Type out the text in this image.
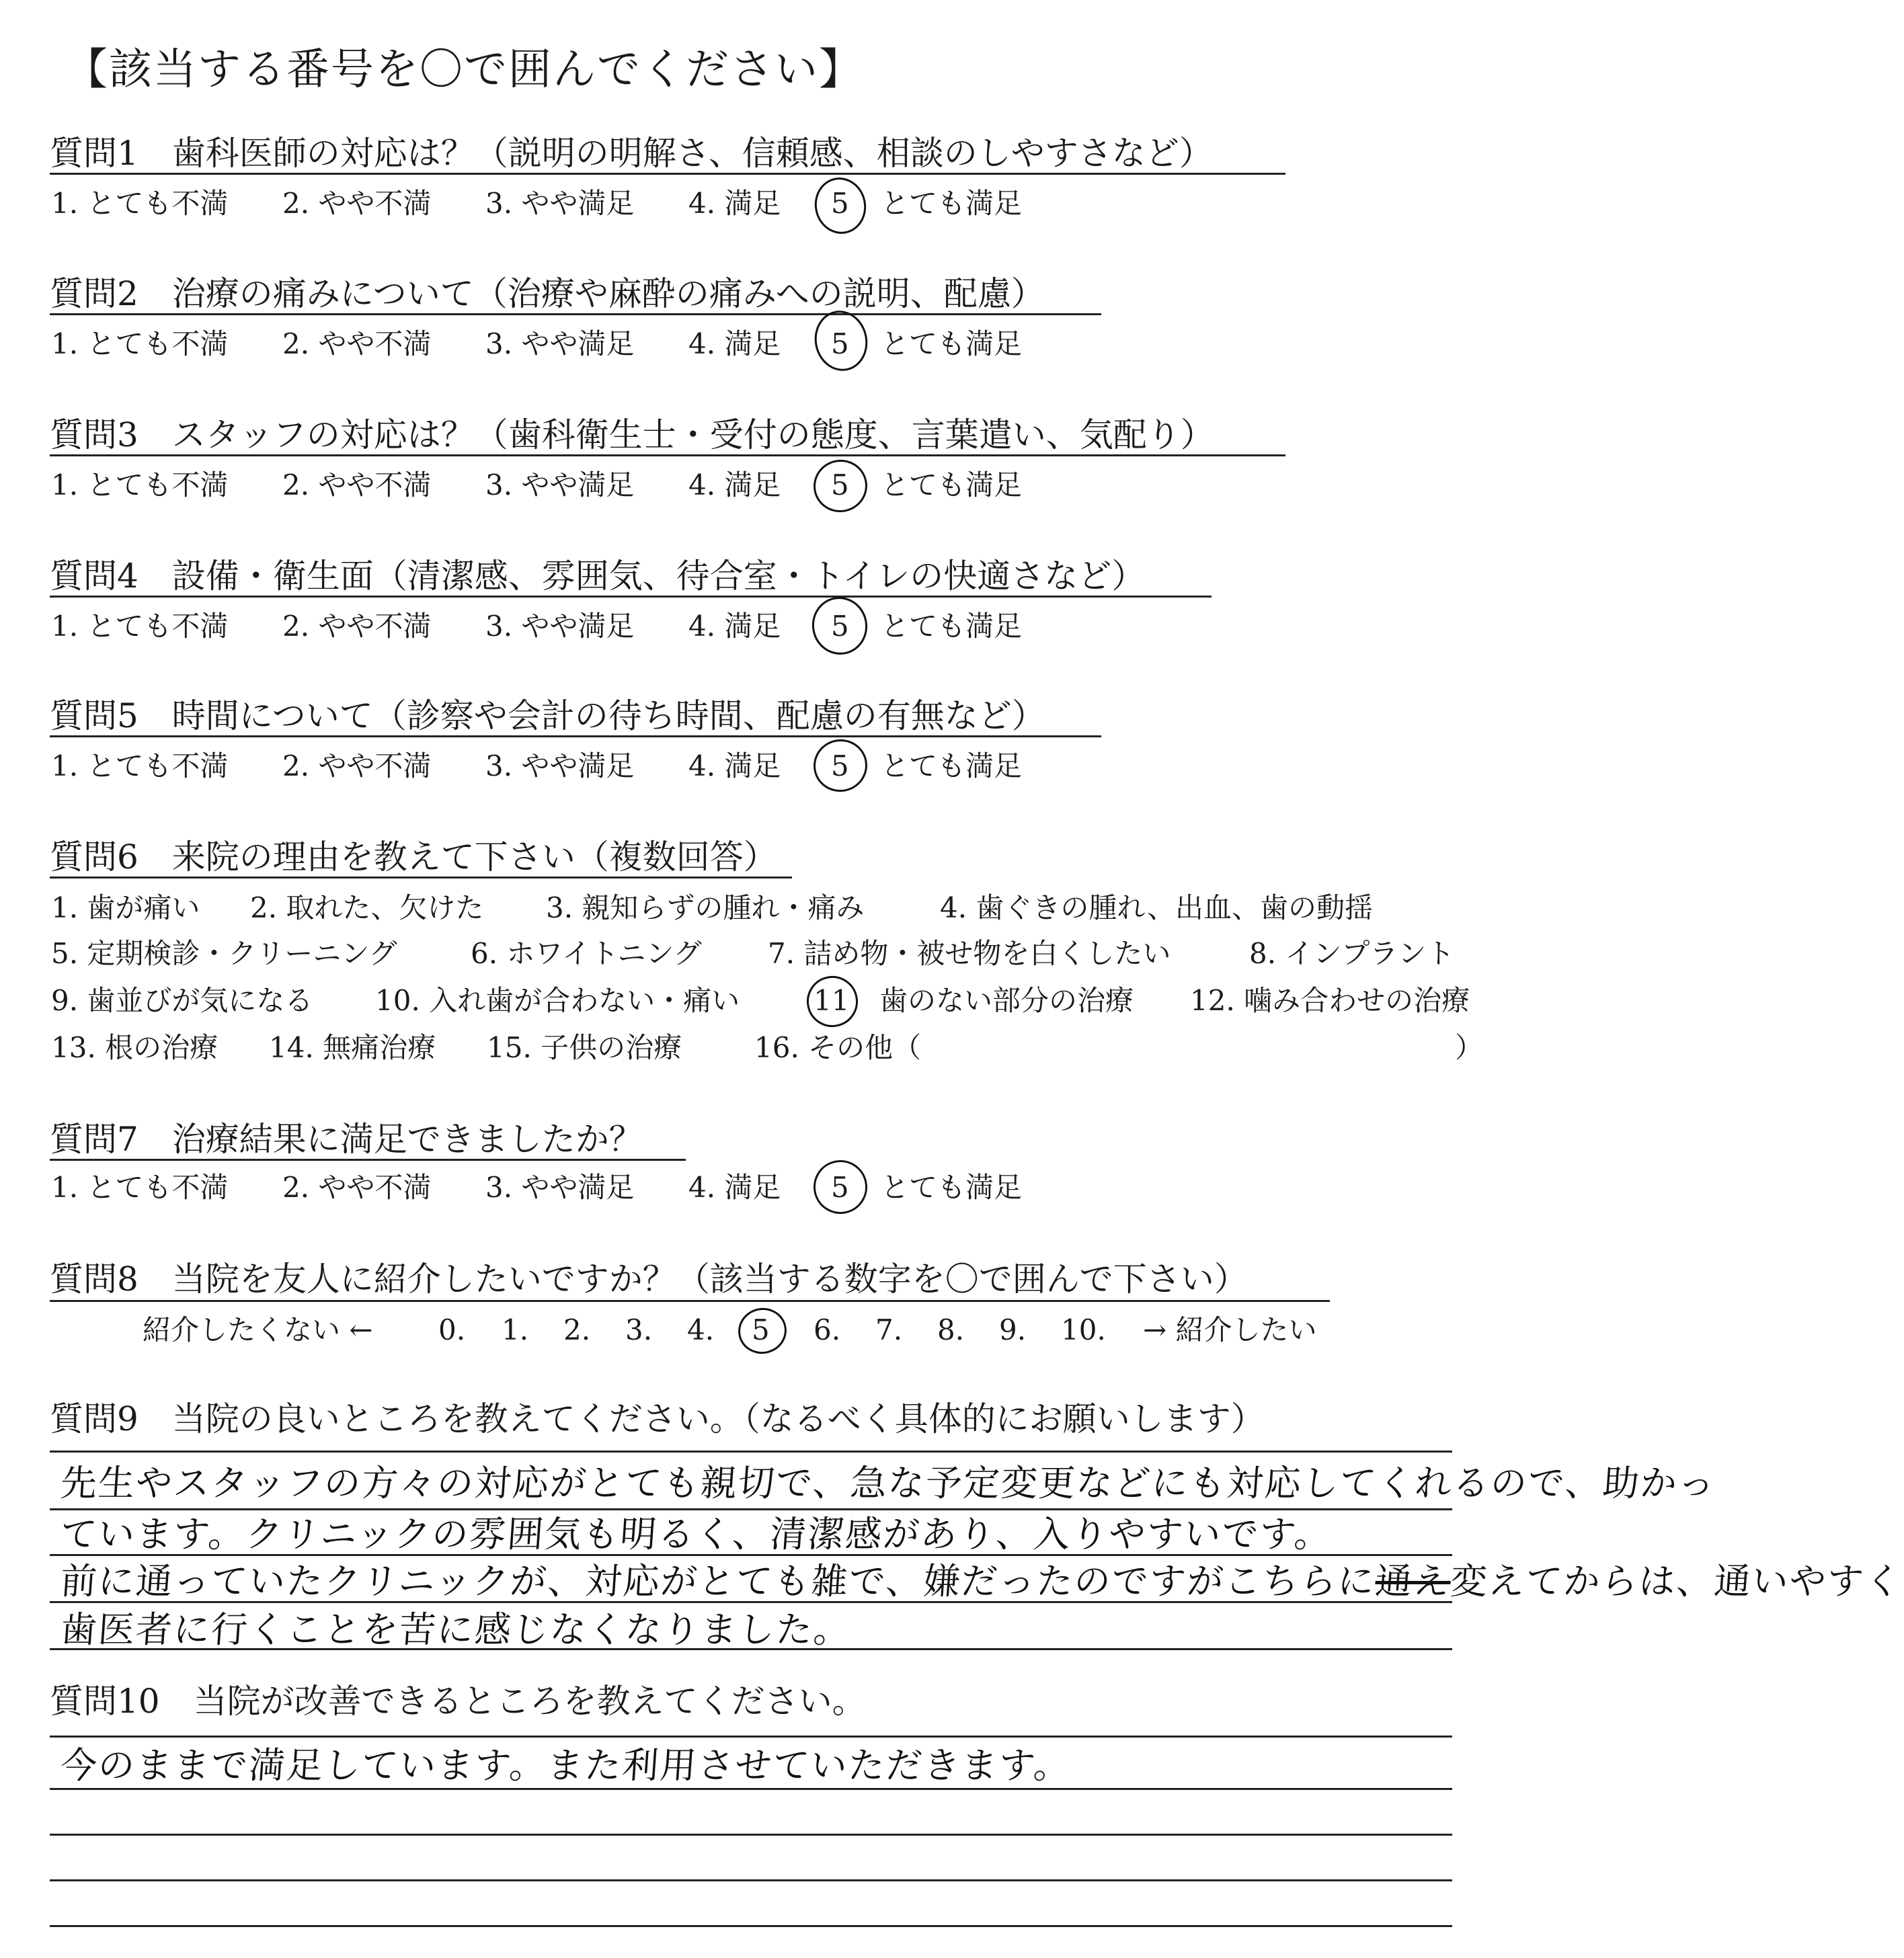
【該当する番号を〇で囲んでください】
質問1　歯科医師の対応は？（説明の明解さ、信頼感、相談のしやすさなど）
1. とても不満 2. やや不満 3. やや満足 4. 満足 5 とても満足
質問2　治療の痛みについて（治療や麻酔の痛みへの説明、配慮）
1. とても不満 2. やや不満 3. やや満足 4. 満足 5 とても満足
質問3　スタッフの対応は？（歯科衛生士・受付の態度、言葉遣い、気配り）
1. とても不満 2. やや不満 3. やや満足 4. 満足 5 とても満足
質問4　設備・衛生面（清潔感、雰囲気、待合室・トイレの快適さなど）
1. とても不満 2. やや不満 3. やや満足 4. 満足 5 とても満足
質問5　時間について（診察や会計の待ち時間、配慮の有無など）
1. とても不満 2. やや不満 3. やや満足 4. 満足 5 とても満足
質問6　来院の理由を教えて下さい（複数回答）
1. 歯が痛い 2. 取れた、欠けた 3. 親知らずの腫れ・痛み	4. 歯ぐきの腫れ、出血、歯の動揺
5. 定期検診・クリーニング	6. ホワイトニング 7. 詰め物・被せ物を白くしたい	8. インプラント
9. 歯並びが気になる 10. 入れ歯が合わない・痛い	11 歯のない部分の治療 12. 噛み合わせの治療
13. 根の治療 14. 無痛治療 15. 子供の治療	16. その他（	）
質問7　治療結果に満足できましたか？
1. とても不満 2. やや不満 3. やや満足 4. 満足 5 とても満足
質問8　当院を友人に紹介したいですか？（該当する数字を〇で囲んで下さい）
紹介したくない ← 0. 1. 2. 3. 4. 5 6. 7. 8. 9. 10. → 紹介したい
質問9　当院の良いところを教えてください。（なるべく具体的にお願いします）
先生やスタッフの方々の対応がとても親切で、急な予定変更などにも対応してくれるので、助かっ
ています。クリニックの雰囲気も明るく、清潔感があり、入りやすいです。
前に通っていたクリニックが、対応がとても雑で、嫌だったのですがこちらに通え変えてからは、通いやすく
歯医者に行くことを苦に感じなくなりました。
質問10　当院が改善できるところを教えてください。
今のままで満足しています。また利用させていただきます。
